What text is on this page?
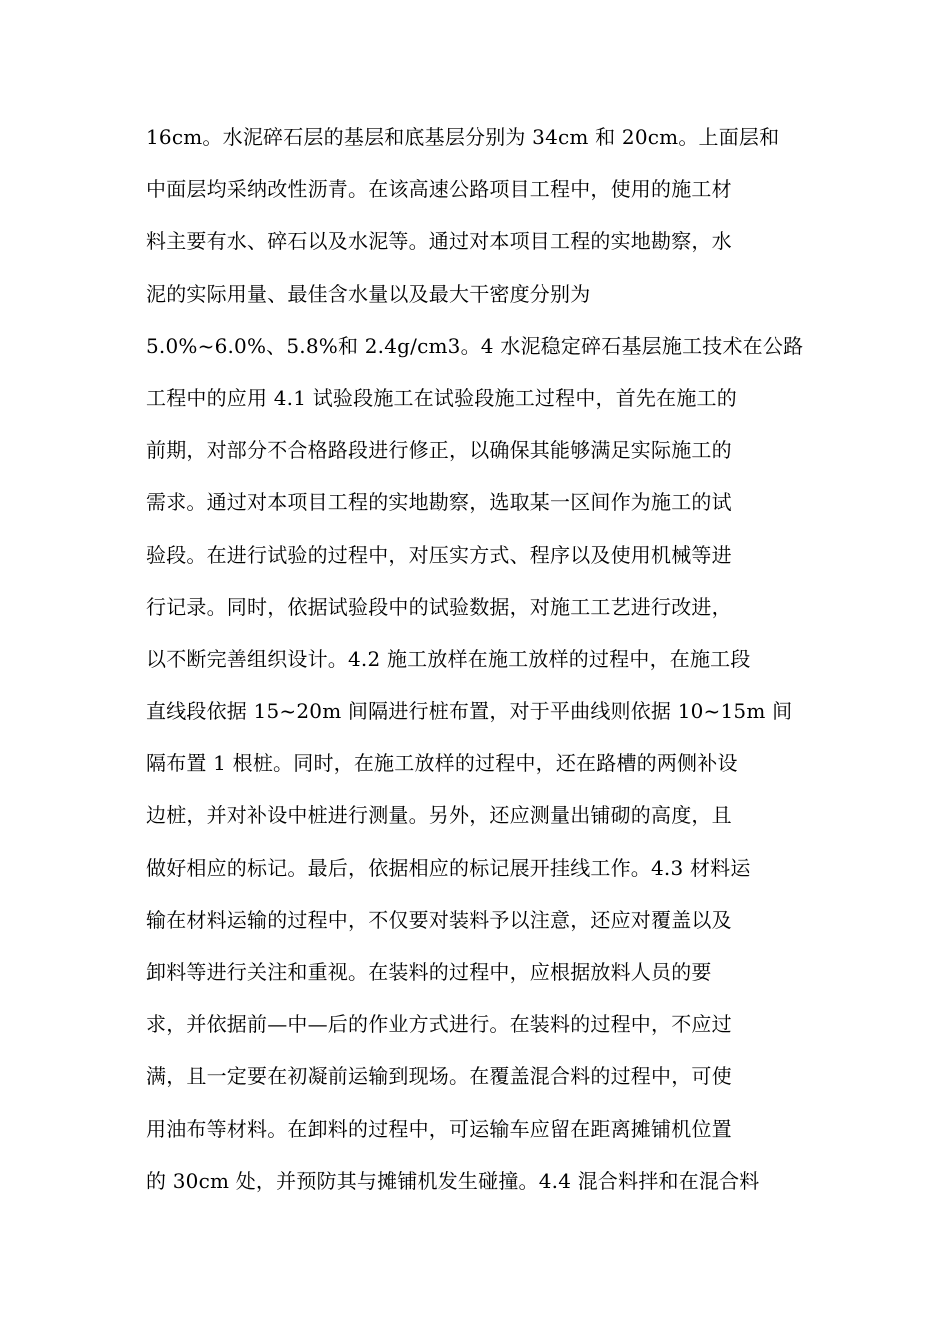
16cm。水泥碎石层的基层和底基层分别为 34cm 和 20cm。上面层和
中面层均采纳改性沥青。在该高速公路项目工程中，使用的施工材
料主要有水、碎石以及水泥等。通过对本项目工程的实地勘察，水
泥的实际用量、最佳含水量以及最大干密度分别为
5.0%~6.0%、5.8%和 2.4g/cm3。4 水泥稳定碎石基层施工技术在公路
工程中的应用 4.1 试验段施工在试验段施工过程中，首先在施工的
前期，对部分不合格路段进行修正，以确保其能够满足实际施工的
需求。通过对本项目工程的实地勘察，选取某一区间作为施工的试
验段。在进行试验的过程中，对压实方式、程序以及使用机械等进
行记录。同时，依据试验段中的试验数据，对施工工艺进行改进，
以不断完善组织设计。4.2 施工放样在施工放样的过程中，在施工段
直线段依据 15~20m 间隔进行桩布置，对于平曲线则依据 10~15m 间
隔布置 1 根桩。同时，在施工放样的过程中，还在路槽的两侧补设
边桩，并对补设中桩进行测量。另外，还应测量出铺砌的高度，且
做好相应的标记。最后，依据相应的标记展开挂线工作。4.3 材料运
输在材料运输的过程中，不仅要对装料予以注意，还应对覆盖以及
卸料等进行关注和重视。在装料的过程中，应根据放料人员的要
求，并依据前—中—后的作业方式进行。在装料的过程中，不应过
满，且一定要在初凝前运输到现场。在覆盖混合料的过程中，可使
用油布等材料。在卸料的过程中，可运输车应留在距离摊铺机位置
的 30cm 处，并预防其与摊铺机发生碰撞。4.4 混合料拌和在混合料
